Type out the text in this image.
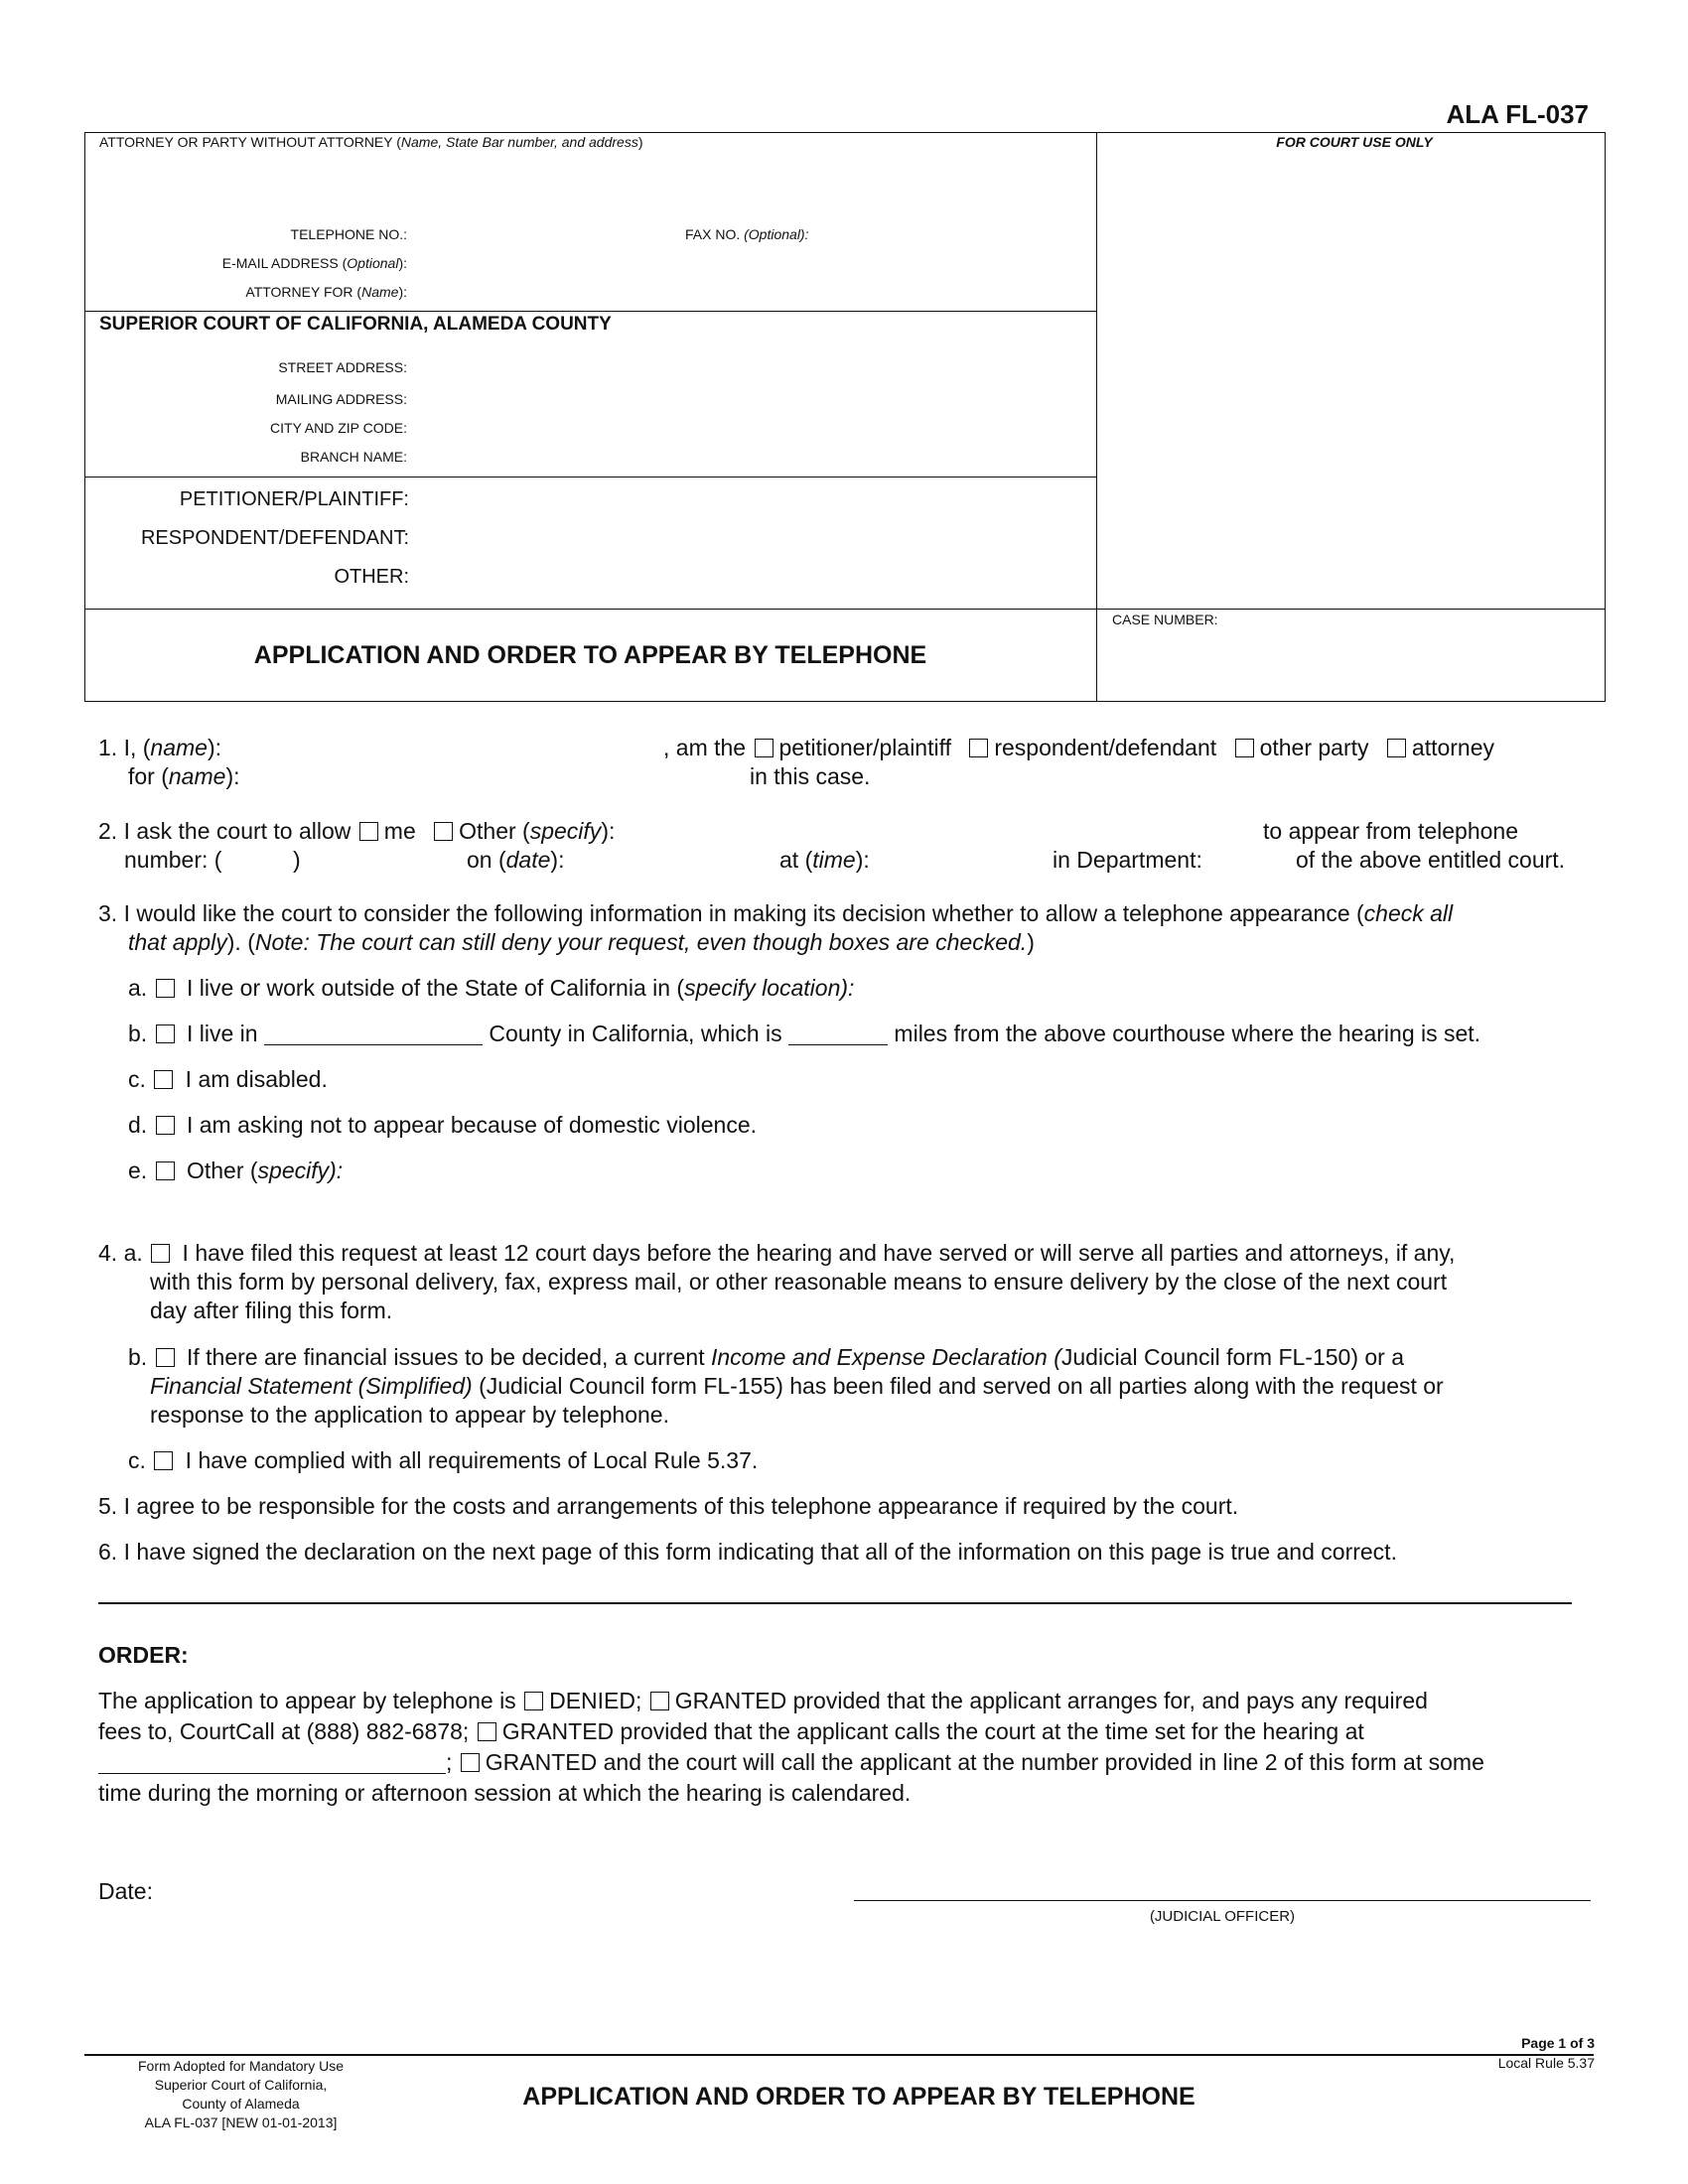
ALA FL-037
ATTORNEY OR PARTY WITHOUT ATTORNEY (Name, State Bar number, and address)	FOR COURT USE ONLY
TELEPHONE NO.:	FAX NO. (Optional):
E-MAIL ADDRESS (Optional):
ATTORNEY FOR (Name):
SUPERIOR COURT OF CALIFORNIA, ALAMEDA COUNTY
STREET ADDRESS:
MAILING ADDRESS:
CITY AND ZIP CODE:
BRANCH NAME:
PETITIONER/PLAINTIFF:
RESPONDENT/DEFENDANT:
OTHER:
APPLICATION AND ORDER TO APPEAR BY TELEPHONE
CASE NUMBER:
1. I, (name):	, am the petitioner/plaintiff respondent/defendant other party attorney
for (name):	in this case.
2. I ask the court to allow me Other (specify):	to appear from telephone
number: (	)	on (date):	at (time):	in Department:	of the above entitled court.
3. I would like the court to consider the following information in making its decision whether to allow a telephone appearance (check all
that apply). (Note: The court can still deny your request, even though boxes are checked.)
a. I live or work outside of the State of California in (specify location):
b. I live in	County in California, which is	miles from the above courthouse where the hearing is set.
c. I am disabled.
d. I am asking not to appear because of domestic violence.
e. Other (specify):
4. a. I have filed this request at least 12 court days before the hearing and have served or will serve all parties and attorneys, if any,
with this form by personal delivery, fax, express mail, or other reasonable means to ensure delivery by the close of the next court
day after filing this form.
b. If there are financial issues to be decided, a current Income and Expense Declaration (Judicial Council form FL-150) or a
Financial Statement (Simplified) (Judicial Council form FL-155) has been filed and served on all parties along with the request or
response to the application to appear by telephone.
c. I have complied with all requirements of Local Rule 5.37.
5. I agree to be responsible for the costs and arrangements of this telephone appearance if required by the court.
6. I have signed the declaration on the next page of this form indicating that all of the information on this page is true and correct.
ORDER:
The application to appear by telephone is DENIED; GRANTED provided that the applicant arranges for, and pays any required
fees to, CourtCall at (888) 882-6878; GRANTED provided that the applicant calls the court at the time set for the hearing at
; GRANTED and the court will call the applicant at the number provided in line 2 of this form at some
time during the morning or afternoon session at which the hearing is calendared.
Date:
(JUDICIAL OFFICER)
Page 1 of 3
Local Rule 5.37
Form Adopted for Mandatory Use
Superior Court of California,
County of Alameda
ALA FL-037 [NEW 01-01-2013]
APPLICATION AND ORDER TO APPEAR BY TELEPHONE
